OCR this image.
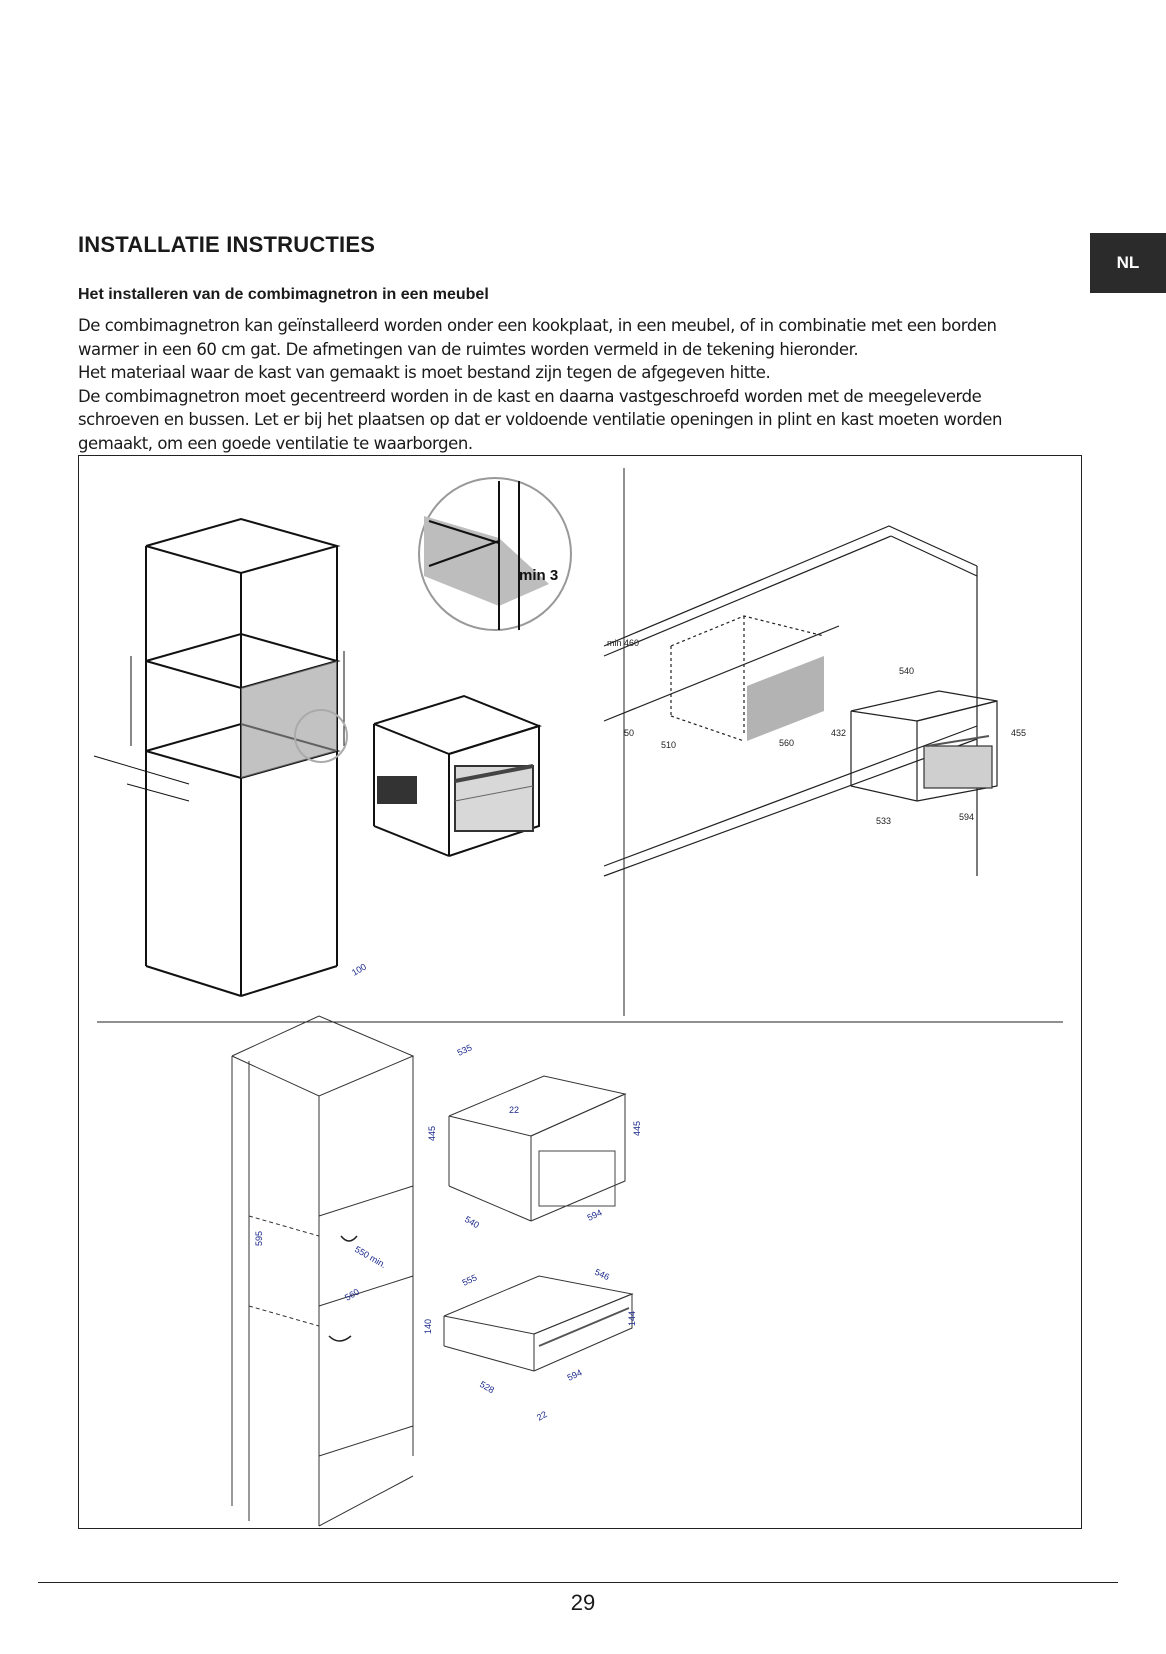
INSTALLATIE INSTRUCTIES
NL
Het installeren van de combimagnetron in een meubel

De combimagnetron kan geïnstalleerd worden onder een kookplaat, in een meubel, of in combinatie met een borden warmer in een 60 cm gat. De afmetingen van de ruimtes worden vermeld in de tekening hieronder.

Het materiaal waar de kast van gemaakt is moet bestand zijn tegen de afgegeven hitte.

De combimagnetron moet gecentreerd worden in de kast en daarna vastgeschroefd worden met de meegeleverde schroeven en bussen. Let er bij het plaatsen op dat er voldoende ventilatie openingen in plint en kast moeten worden gemaakt, om een goede ventilatie te waarborgen.

min 3
min 460
50
510	560
432
540
455
533	594
100
595
550 min.
560
535
22
445	445
540	594
555	546
140
144
528
594
22
29
